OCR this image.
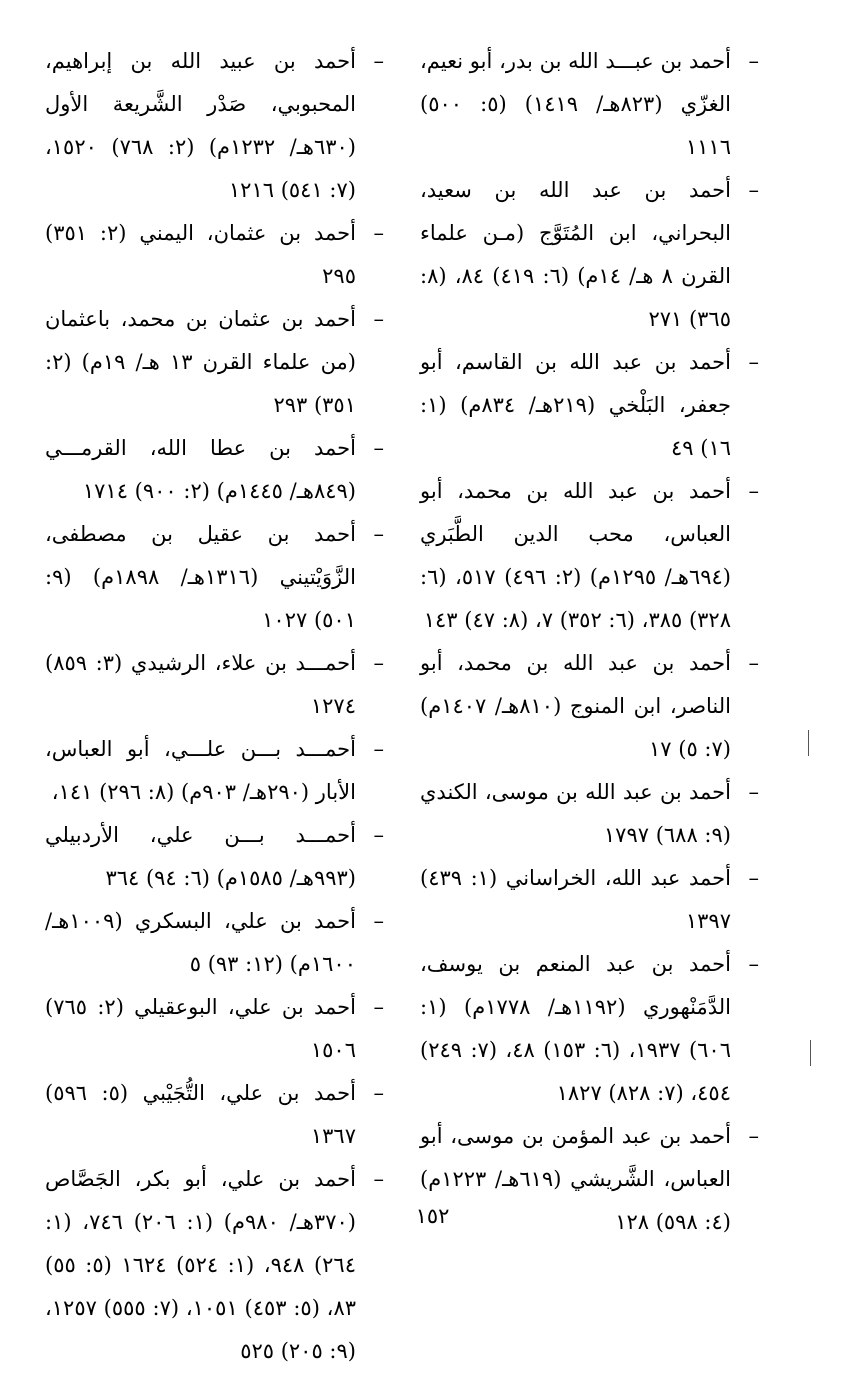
–
أحمد بن عبـــد الله بن بدر، أبو نعيم، الغزّي (٨٢٣هـ/ ١٤١٩) (٥: ٥٠٠) ١١١٦
–
أحمد بن عبد الله بن سعيد، البحراني، ابن المُتَوَّج (مـن علماء القرن ٨ هـ/ ١٤م) (٦: ٤١٩) ٨٤، (٨: ٣٦٥) ٢٧١
–
أحمد بن عبد الله بن القاسم، أبو جعفر، البَلْخي (٢١٩هـ/ ٨٣٤م) (١: ١٦) ٤٩
–
أحمد بن عبد الله بن محمد، أبو العباس، محب الدين الطَّبَري (٦٩٤هـ/ ١٢٩٥م) (٢: ٤٩٦) ٥١٧، (٦: ٣٢٨) ٣٨٥، (٦: ٣٥٢) ٧، (٨: ٤٧) ١٤٣
–
أحمد بن عبد الله بن محمد، أبو الناصر، ابن المنوج (٨١٠هـ/ ١٤٠٧م) (٧: ٥) ١٧
–
أحمد بن عبد الله بن موسى، الكندي (٩: ٦٨٨) ١٧٩٧
–
أحمد عبد الله، الخراساني (١: ٤٣٩) ١٣٩٧
–
أحمد بن عبد المنعم بن يوسف، الدَّمَنْهوري (١١٩٢هـ/ ١٧٧٨م) (١: ٦٠٦) ١٩٣٧، (٦: ١٥٣) ٤٨، (٧: ٢٤٩) ٤٥٤، (٧: ٨٢٨) ١٨٢٧
–
أحمد بن عبد المؤمن بن موسى، أبو العباس، الشَّريشي (٦١٩هـ/ ١٢٢٣م) (٤: ٥٩٨) ١٢٨
–
أحمد بن عبيد الله بن إبراهيم، المحبوبي، صَدْر الشَّريعة الأول (٦٣٠هـ/ ١٢٣٢م) (٢: ٧٦٨) ١٥٢٠، (٧: ٥٤١) ١٢١٦
–
أحمد بن عثمان، اليمني (٢: ٣٥١) ٢٩٥
–
أحمد بن عثمان بن محمد، باعثمان (من علماء القرن ١٣ هـ/ ١٩م) (٢: ٣٥١) ٢٩٣
–
أحمد بن عطا الله، القرمـــي (٨٤٩هـ/ ١٤٤٥م) (٢: ٩٠٠) ١٧١٤
–
أحمد بن عقيل بن مصطفى، الزَّوَيْتيني (١٣١٦هـ/ ١٨٩٨م) (٩: ٥٠١) ١٠٢٧
–
أحمـــد بن علاء، الرشيدي (٣: ٨٥٩) ١٢٧٤
–
أحمـــد بـــن علـــي، أبو العباس، الأبار (٢٩٠هـ/ ٩٠٣م) (٨: ٢٩٦) ١٤١،
–
أحمـــد بـــن علي، الأردبيلي (٩٩٣هـ/ ١٥٨٥م) (٦: ٩٤) ٣٦٤
–
أحمد بن علي، البسكري (١٠٠٩هـ/ ١٦٠٠م) (١٢: ٩٣) ٥
–
أحمد بن علي، البوعقيلي (٢: ٧٦٥) ١٥٠٦
–
أحمد بن علي، التُّجَيْبي (٥: ٥٩٦) ١٣٦٧
–
أحمد بن علي، أبو بكر، الجَصَّاص (٣٧٠هـ/ ٩٨٠م) (١: ٢٠٦) ٧٤٦، (١: ٢٦٤) ٩٤٨، (١: ٥٢٤) ١٦٢٤ (٥: ٥٥) ٨٣، (٥: ٤٥٣) ١٠٥١، (٧: ٥٥٥) ١٢٥٧، (٩: ٢٠٥) ٥٢٥
١٥٢
